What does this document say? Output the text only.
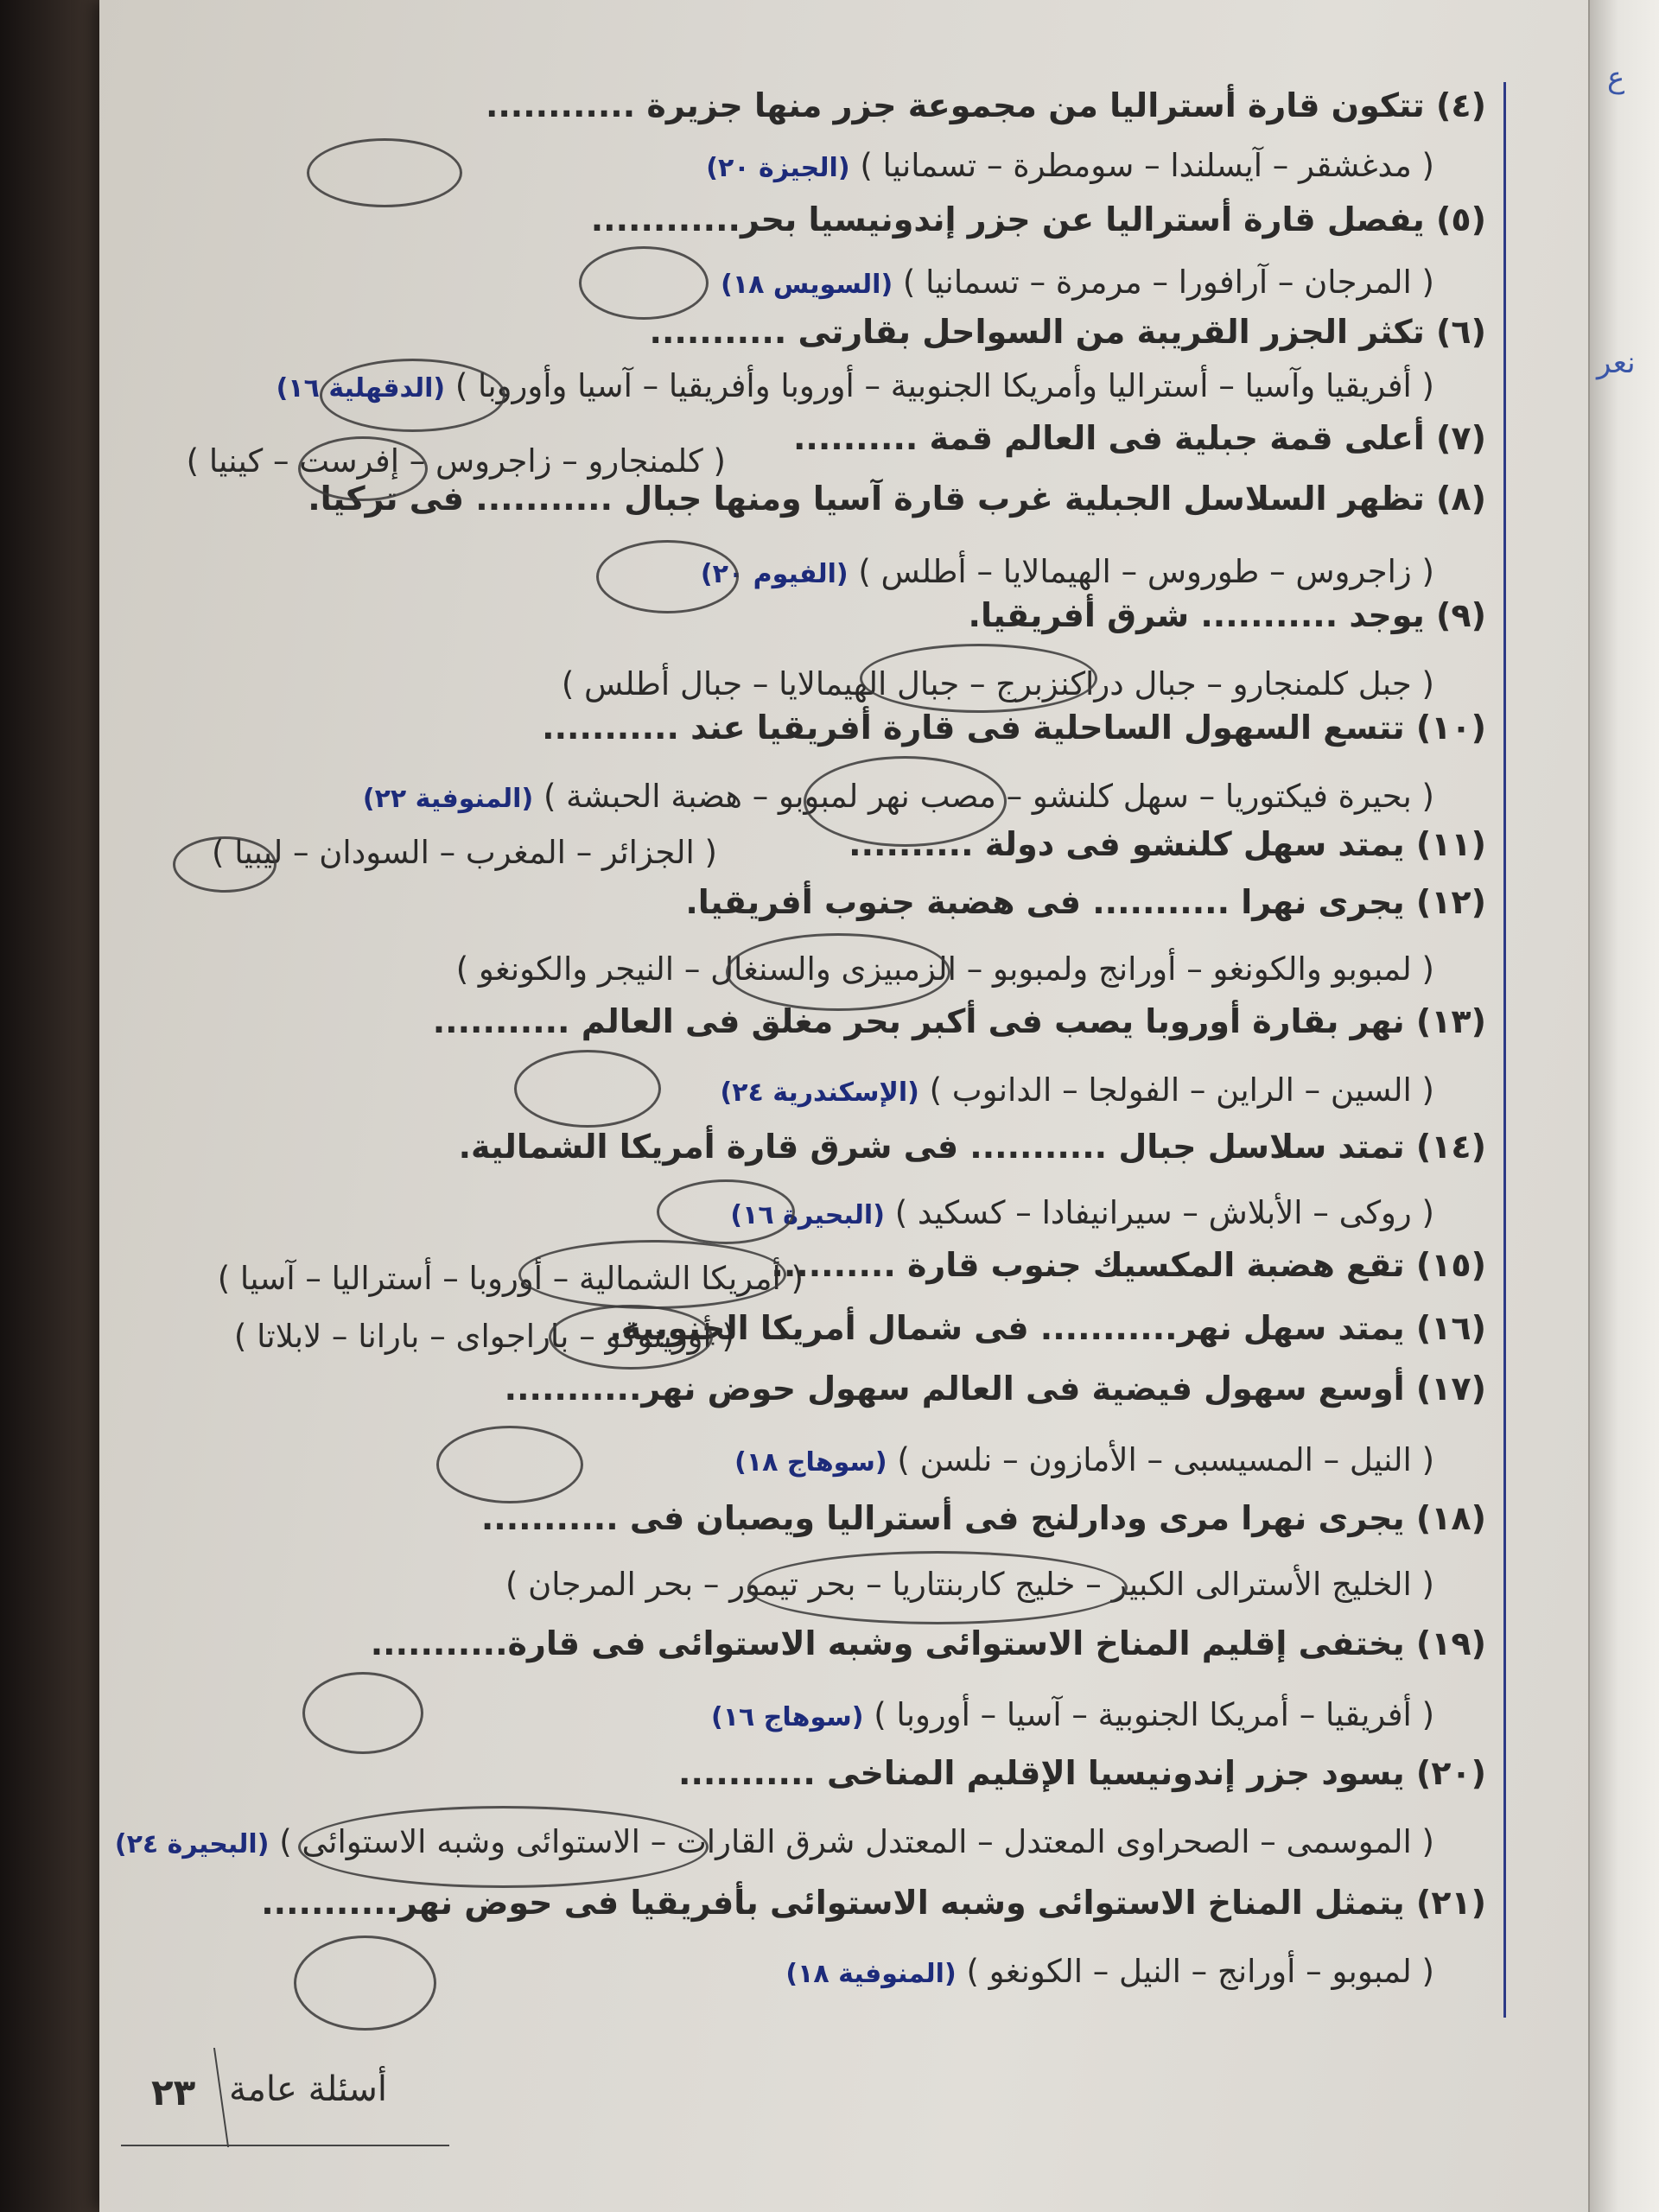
ع
نعر
(٤) تتكون قارة أستراليا من مجموعة جزر منها جزيرة ............
( مدغشقر – آيسلندا – سومطرة – تسمانيا ) (الجيزة ٢٠)
(٥) يفصل قارة أستراليا عن جزر إندونيسيا بحر............
( المرجان – آرافورا – مرمرة – تسمانيا ) (السويس ١٨)
(٦) تكثر الجزر القريبة من السواحل بقارتى ...........
( أفريقيا وآسيا – أستراليا وأمريكا الجنوبية – أوروبا وأفريقيا – آسيا وأوروبا ) (الدقهلية ١٦)
(٧) أعلى قمة جبلية فى العالم قمة ..........
( كلمنجارو – زاجروس – إفرست – كينيا )
(٨) تظهر السلاسل الجبلية غرب قارة آسيا ومنها جبال ........... فى تركيا.
( زاجروس – طوروس – الهيمالايا – أطلس ) (الفيوم ٢٠)
(٩) يوجد ........... شرق أفريقيا.
( جبل كلمنجارو – جبال دراكنزبرج – جبال الهيمالايا – جبال أطلس )
(١٠) تتسع السهول الساحلية فى قارة أفريقيا عند ...........
( بحيرة فيكتوريا – سهل كلنشو – مصب نهر لمبوبو – هضبة الحبشة ) (المنوفية ٢٢)
(١١) يمتد سهل كلنشو فى دولة ..........
( الجزائر – المغرب – السودان – ليبيا )
(١٢) يجرى نهرا ........... فى هضبة جنوب أفريقيا.
( لمبوبو والكونغو – أورانج ولمبوبو – الزمبيزى والسنغال – النيجر والكونغو )
(١٣) نهر بقارة أوروبا يصب فى أكبر بحر مغلق فى العالم ...........
( السين – الراين – الفولجا – الدانوب ) (الإسكندرية ٢٤)
(١٤) تمتد سلاسل جبال ........... فى شرق قارة أمريكا الشمالية.
( روكى – الأبلاش – سيرانيفادا – كسكيد ) (البحيرة ١٦)
(١٥) تقع هضبة المكسيك جنوب قارة ..........
( أمريكا الشمالية – أوروبا – أستراليا – آسيا )
(١٦) يمتد سهل نهر........... فى شمال أمريكا الجنوبية.
( أورينوكو – باراجواى – بارانا – لابلاتا )
(١٧) أوسع سهول فيضية فى العالم سهول حوض نهر...........
( النيل – المسيسبى – الأمازون – نلسن ) (سوهاج ١٨)
(١٨) يجرى نهرا مرى ودارلنج فى أستراليا ويصبان فى ...........
( الخليج الأسترالى الكبير – خليج كاربنتاريا – بحر تيمور – بحر المرجان )
(١٩) يختفى إقليم المناخ الاستوائى وشبه الاستوائى فى قارة...........
( أفريقيا – أمريكا الجنوبية – آسيا – أوروبا ) (سوهاج ١٦)
(٢٠) يسود جزر إندونيسيا الإقليم المناخى ...........
( الموسمى – الصحراوى المعتدل – المعتدل شرق القارات – الاستوائى وشبه الاستوائى ) (البحيرة ٢٤)
(٢١) يتمثل المناخ الاستوائى وشبه الاستوائى بأفريقيا فى حوض نهر...........
( لمبوبو – أورانج – النيل – الكونغو ) (المنوفية ١٨)
أسئلة عامة
٢٣
